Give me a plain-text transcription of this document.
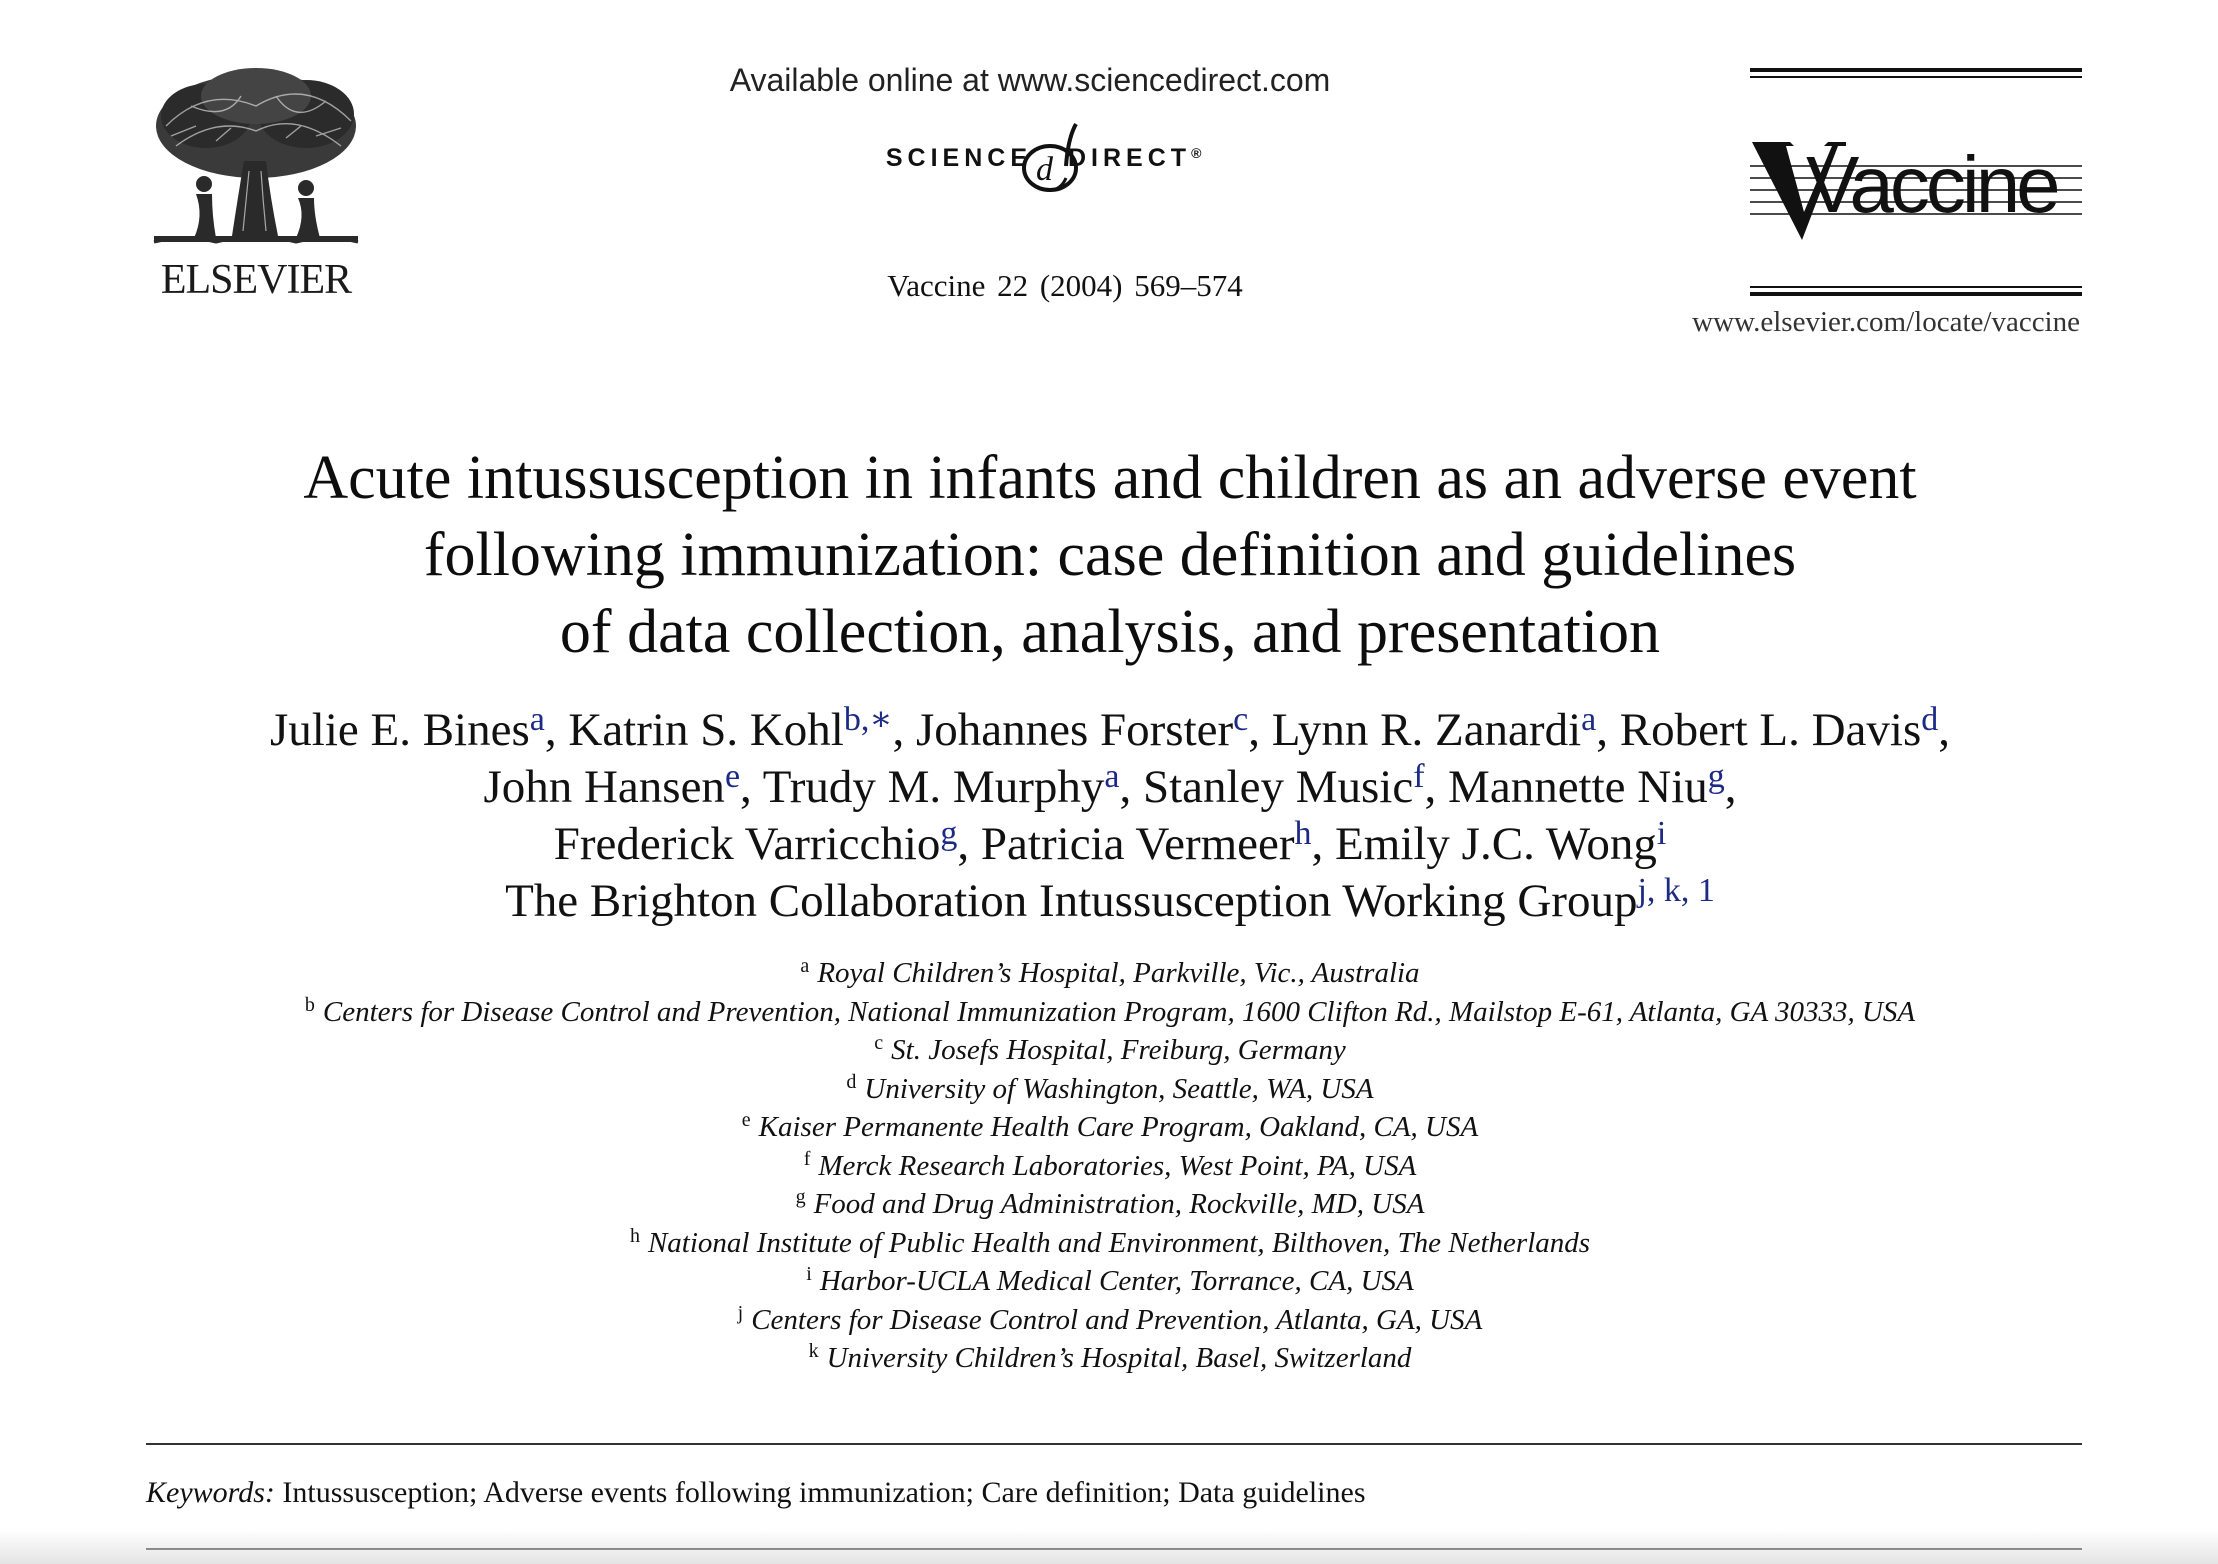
ELSEVIER
Available online at www.sciencedirect.com
SCIENCE d DIRECT®
Vaccine 22 (2004) 569–574
Vaccine
www.elsevier.com/locate/vaccine
Acute intussusception in infants and children as an adverse event
following immunization: case definition and guidelines
of data collection, analysis, and presentation
Julie E. Bines$^a$, Katrin S. Kohl$^{b,∗}$, Johannes Forster$^c$, Lynn R. Zanardi$^a$, Robert L. Davis$^d$,
John Hansen$^e$, Trudy M. Murphy$^a$, Stanley Music$^f$, Mannette Niu$^g$,
Frederick Varricchio$^g$, Patricia Vermeer$^h$, Emily J.C. Wong$^i$
The Brighton Collaboration Intussusception Working Group$^{j, k, 1}$
$^a$ Royal Children’s Hospital, Parkville, Vic., Australia
$^b$ Centers for Disease Control and Prevention, National Immunization Program, 1600 Clifton Rd., Mailstop E-61, Atlanta, GA 30333, USA
$^c$ St. Josefs Hospital, Freiburg, Germany
$^d$ University of Washington, Seattle, WA, USA
$^e$ Kaiser Permanente Health Care Program, Oakland, CA, USA
$^f$ Merck Research Laboratories, West Point, PA, USA
$^g$ Food and Drug Administration, Rockville, MD, USA
$^h$ National Institute of Public Health and Environment, Bilthoven, The Netherlands
$^i$ Harbor-UCLA Medical Center, Torrance, CA, USA
$^j$ Centers for Disease Control and Prevention, Atlanta, GA, USA
$^k$ University Children’s Hospital, Basel, Switzerland
Keywords: Intussusception; Adverse events following immunization; Care definition; Data guidelines
